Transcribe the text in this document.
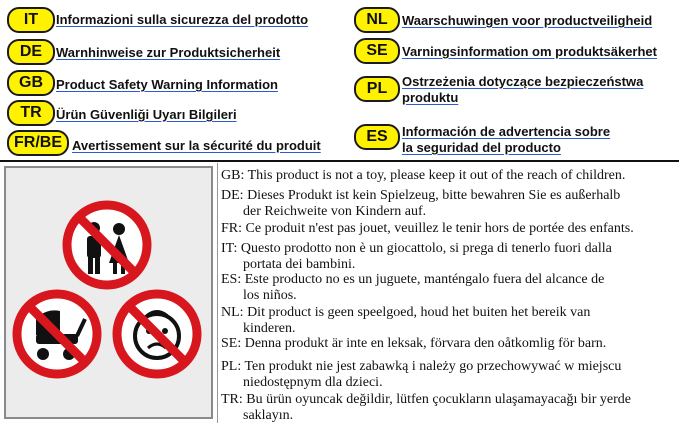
IT	Informazioni sulla sicurezza del prodotto
DE	Warnhinweise zur Produktsicherheit
GB	Product Safety Warning Information
TR	Ürün Güvenliği Uyarı Bilgileri
FR/BE Avertissement sur la sécurité du produit
NL	Waarschuwingen voor productveiligheid
SE	Varningsinformation om produktsäkerhet
PL	Ostrzeżenia dotyczące bezpieczeństwa
produktu
ES	Información de advertencia sobre
la seguridad del producto
GB: This product is not a toy, please keep it out of the reach of children.
DE: Dieses Produkt ist kein Spielzeug, bitte bewahren Sie es außerhalb
der Reichweite von Kindern auf.
FR: Ce produit n'est pas jouet, veuillez le tenir hors de portée des enfants.
IT: Questo prodotto non è un giocattolo, si prega di tenerlo fuori dalla
portata dei bambini.
ES: Este producto no es un juguete, manténgalo fuera del alcance de
los niños.
NL: Dit product is geen speelgoed, houd het buiten het bereik van
kinderen.
SE: Denna produkt är inte en leksak, förvara den oåtkomlig för barn.
PL: Ten produkt nie jest zabawką i należy go przechowywać w miejscu
niedostępnym dla dzieci.
TR: Bu ürün oyuncak değildir, lütfen çocukların ulaşamayacağı bir yerde
saklayın.
